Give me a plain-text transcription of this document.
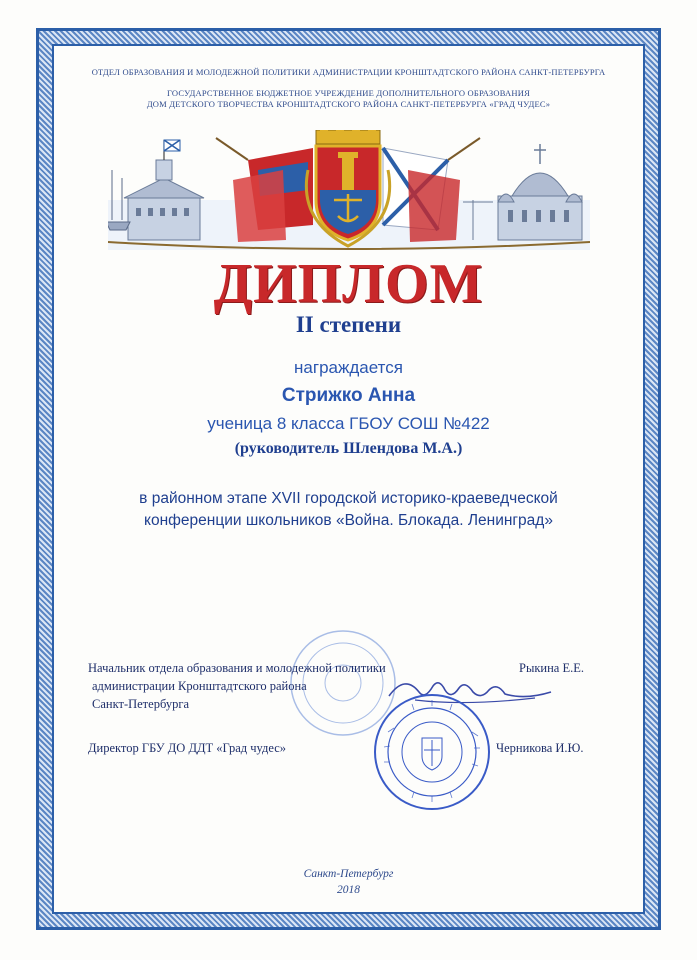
ОТДЕЛ ОБРАЗОВАНИЯ И МОЛОДЕЖНОЙ ПОЛИТИКИ АДМИНИСТРАЦИИ КРОНШТАДТСКОГО РАЙОНА САНКТ-ПЕТЕРБУРГА
ГОСУДАРСТВЕННОЕ БЮДЖЕТНОЕ УЧРЕЖДЕНИЕ ДОПОЛНИТЕЛЬНОГО ОБРАЗОВАНИЯ
ДОМ ДЕТСКОГО ТВОРЧЕСТВА КРОНШТАДТСКОГО РАЙОНА САНКТ-ПЕТЕРБУРГА «ГРАД ЧУДЕС»
ДИПЛОМ
II степени
награждается
Стрижко Анна
ученица 8 класса ГБОУ СОШ №422
(руководитель Шлендова М.А.)
в районном этапе XVII городской историко-краеведческой
конференции школьников «Война. Блокада. Ленинград»
Начальник отдела образования и молодежной политики
администрации Кронштадтского района
Санкт-Петербурга
Рыкина Е.Е.
Директор ГБУ ДО ДДТ «Град чудес»	Черникова И.Ю.
Санкт-Петербург
2018
